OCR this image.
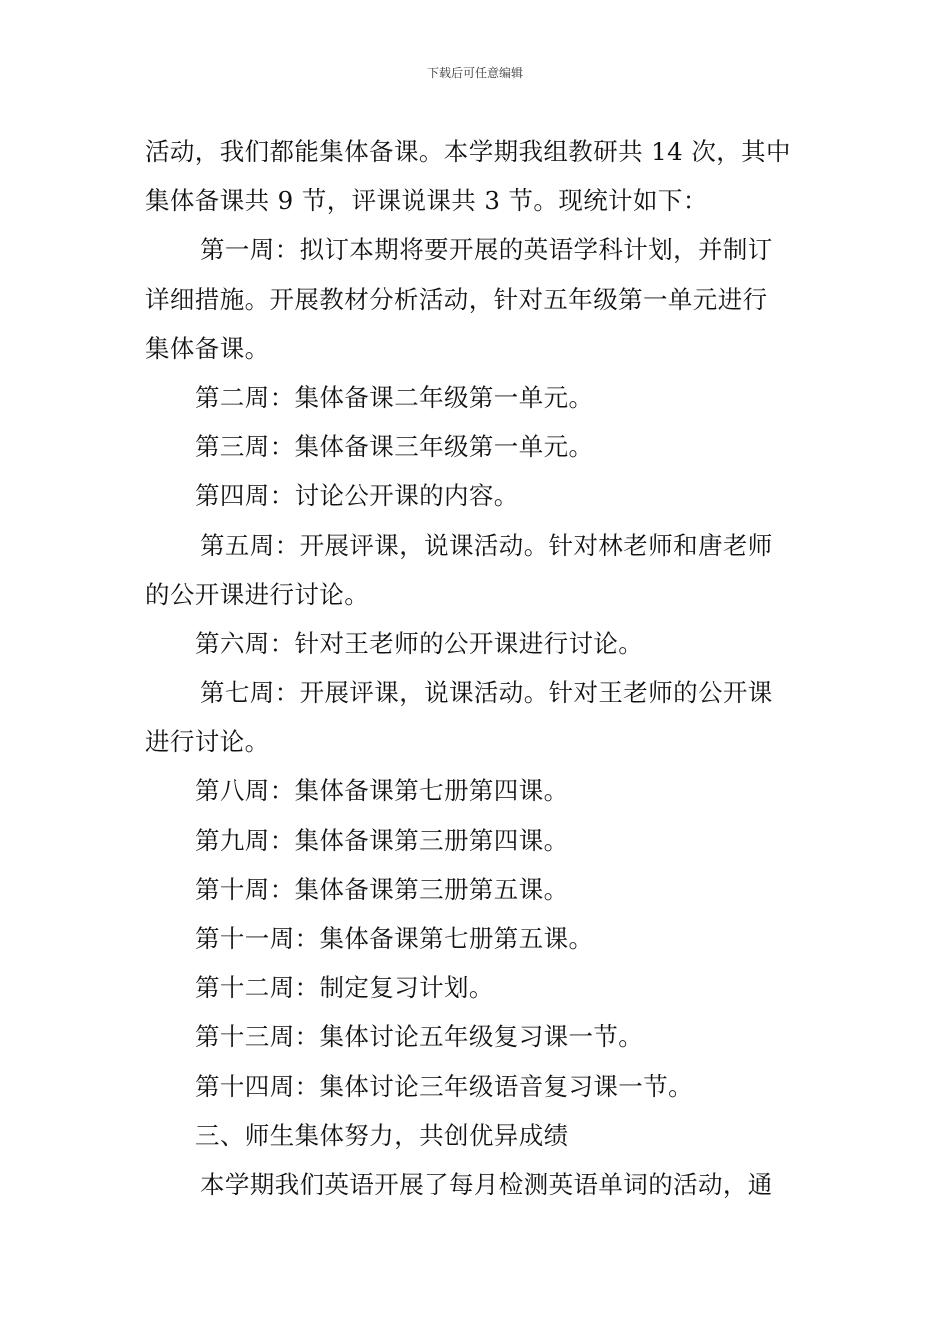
下载后可任意编辑
活动，我们都能集体备课。本学期我组教研共 14 次，其中
集体备课共 9 节，评课说课共 3 节。现统计如下：
第一周：拟订本期将要开展的英语学科计划，并制订
详细措施。开展教材分析活动，针对五年级第一单元进行
集体备课。
第二周：集体备课二年级第一单元。
第三周：集体备课三年级第一单元。
第四周：讨论公开课的内容。
第五周：开展评课，说课活动。针对林老师和唐老师
的公开课进行讨论。
第六周：针对王老师的公开课进行讨论。
第七周：开展评课，说课活动。针对王老师的公开课
进行讨论。
第八周：集体备课第七册第四课。
第九周：集体备课第三册第四课。
第十周：集体备课第三册第五课。
第十一周：集体备课第七册第五课。
第十二周：制定复习计划。
第十三周：集体讨论五年级复习课一节。
第十四周：集体讨论三年级语音复习课一节。
三、师生集体努力，共创优异成绩
本学期我们英语开展了每月检测英语单词的活动，通
